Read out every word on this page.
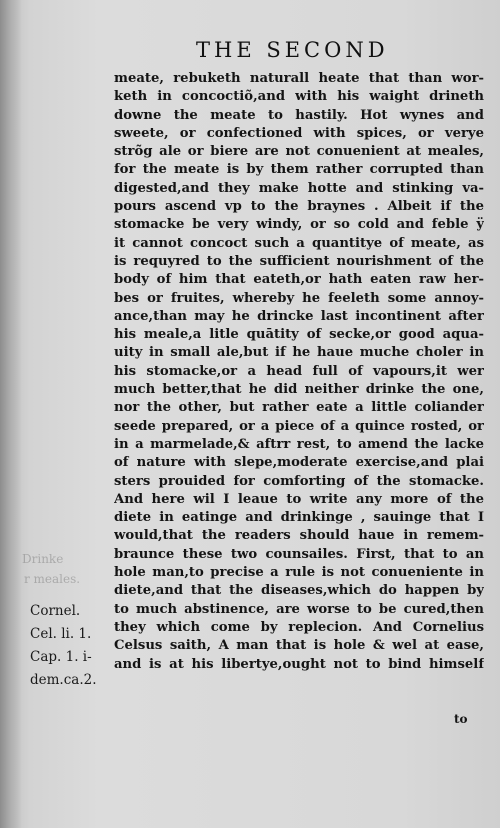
Drinke
r meales.
THE SECOND
meate, rebuketh naturall heate that than wor-
keth in concoctiõ,and with his waight drineth
downe the meate to hastily. Hot wynes and
sweete, or confectioned with spices, or verye
strõg ale or biere are not conuenient at meales,
for the meate is by them rather corrupted than
digested,and they make hotte and stinking va-
pours ascend vp to the braynes . Albeit if the
stomacke be very windy, or so cold and feble ÿ
it cannot concoct such a quantitye of meate, as
is requyred to the sufficient nourishment of the
body of him that eateth,or hath eaten raw her-
bes or fruites, whereby he feeleth some annoy-
ance,than may he drincke last incontinent after
his meale,a litle quātity of secke,or good aqua-
uity in small ale,but if he haue muche choler in
his stomacke,or a head full of vapours,it wer
much better,that he did neither drinke the one,
nor the other, but rather eate a little coliander
seede prepared, or a piece of a quince rosted, or
in a marmelade,& aftrr rest, to amend the lacke
of nature with slepe,moderate exercise,and plai
sters prouided for comforting of the stomacke.
And here wil I leaue to write any more of the
diete in eatinge and drinkinge , sauinge that I
would,that the readers should haue in remem-
braunce these two counsailes. First, that to an
hole man,to precise a rule is not conueniente in
diete,and that the diseases,which do happen by
to much abstinence, are worse to be cured,then
they which come by replecion. And Cornelius
Celsus saith, A man that is hole & wel at ease,
and is at his libertye,ought not to bind himself
Cornel.
Cel. li. 1.
Cap. 1. i-
dem.ca.2.
to
